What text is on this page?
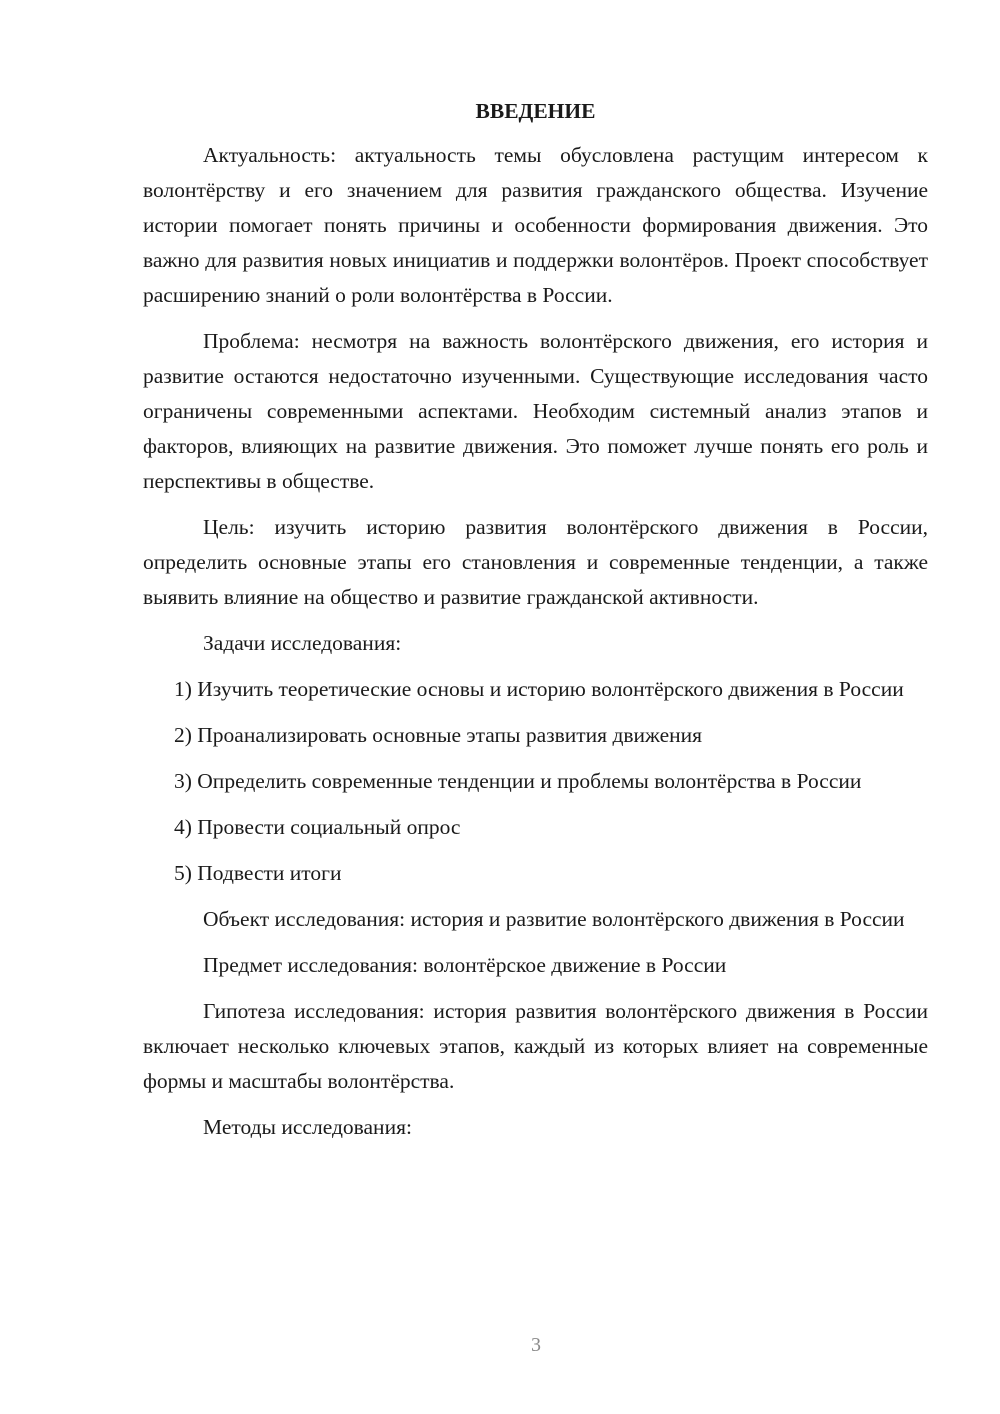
ВВЕДЕНИЕ

Актуальность: актуальность темы обусловлена растущим интересом к волонтёрству и его значением для развития гражданского общества. Изучение истории помогает понять причины и особенности формирования движения. Это важно для развития новых инициатив и поддержки волонтёров. Проект способствует расширению знаний о роли волонтёрства в России.

Проблема: несмотря на важность волонтёрского движения, его история и развитие остаются недостаточно изученными. Существующие исследования часто ограничены современными аспектами. Необходим системный анализ этапов и факторов, влияющих на развитие движения. Это поможет лучше понять его роль и перспективы в обществе.

Цель: изучить историю развития волонтёрского движения в России, определить основные этапы его становления и современные тенденции, а также выявить влияние на общество и развитие гражданской активности.

Задачи исследования:

1) Изучить теоретические основы и историю волонтёрского движения в России

2) Проанализировать основные этапы развития движения

3) Определить современные тенденции и проблемы волонтёрства в России

4) Провести социальный опрос

5) Подвести итоги

Объект исследования: история и развитие волонтёрского движения в России

Предмет исследования: волонтёрское движение в России

Гипотеза исследования: история развития волонтёрского движения в России включает несколько ключевых этапов, каждый из которых влияет на современные формы и масштабы волонтёрства.

Методы исследования:

3
